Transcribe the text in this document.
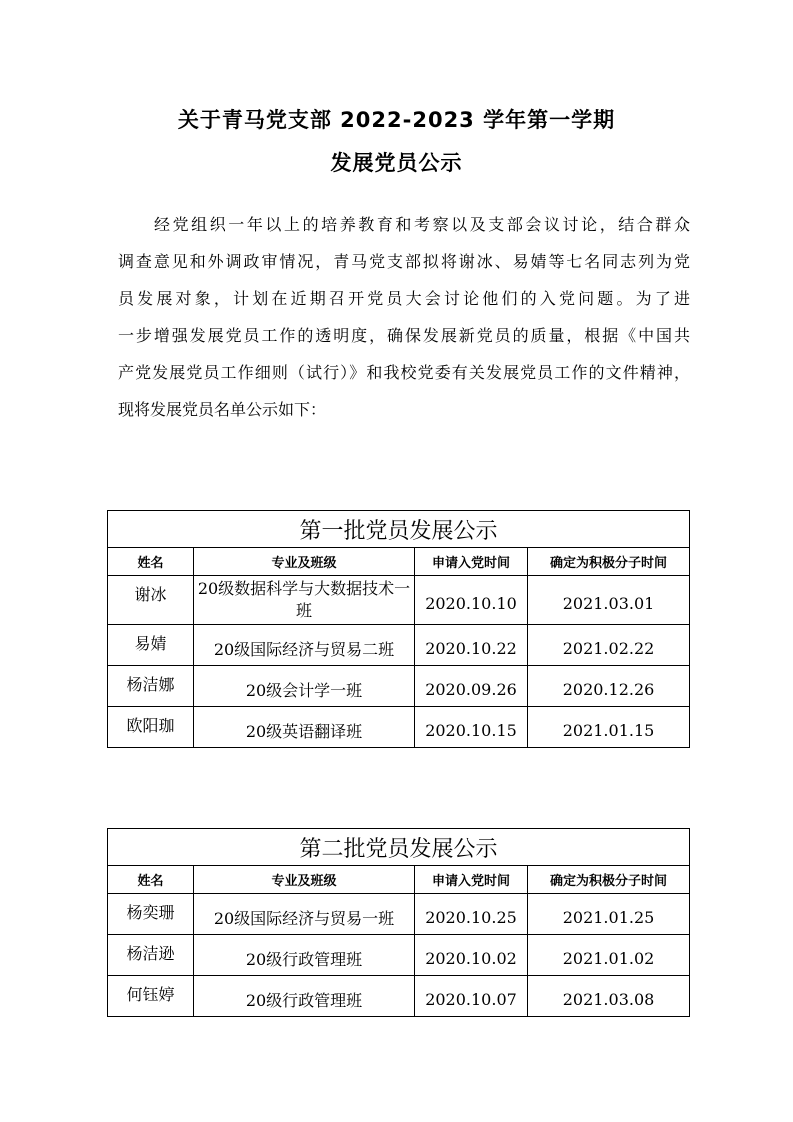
关于青马党支部 2022-2023 学年第一学期
发展党员公示
经党组织一年以上的培养教育和考察以及支部会议讨论，结合群众
调查意见和外调政审情况，青马党支部拟将谢冰、易婧等七名同志列为党
员发展对象，计划在近期召开党员大会讨论他们的入党问题。为了进
一步增强发展党员工作的透明度，确保发展新党员的质量，根据《中国共
产党发展党员工作细则（试行）》和我校党委有关发展党员工作的文件精神，
现将发展党员名单公示如下：
第一批党员发展公示			
姓名	专业及班级	申请入党时间	确定为积极分子时间
谢冰	20级数据科学与大数据技术一班	2020.10.10	2021.03.01
易婧	20级国际经济与贸易二班	2020.10.22	2021.02.22
杨洁娜	20级会计学一班	2020.09.26	2020.12.26
欧阳珈	20级英语翻译班	2020.10.15	2021.01.15
第二批党员发展公示			
姓名	专业及班级	申请入党时间	确定为积极分子时间
杨奕珊	20级国际经济与贸易一班	2020.10.25	2021.01.25
杨洁逊	20级行政管理班	2020.10.02	2021.01.02
何钰婷	20级行政管理班	2020.10.07	2021.03.08
